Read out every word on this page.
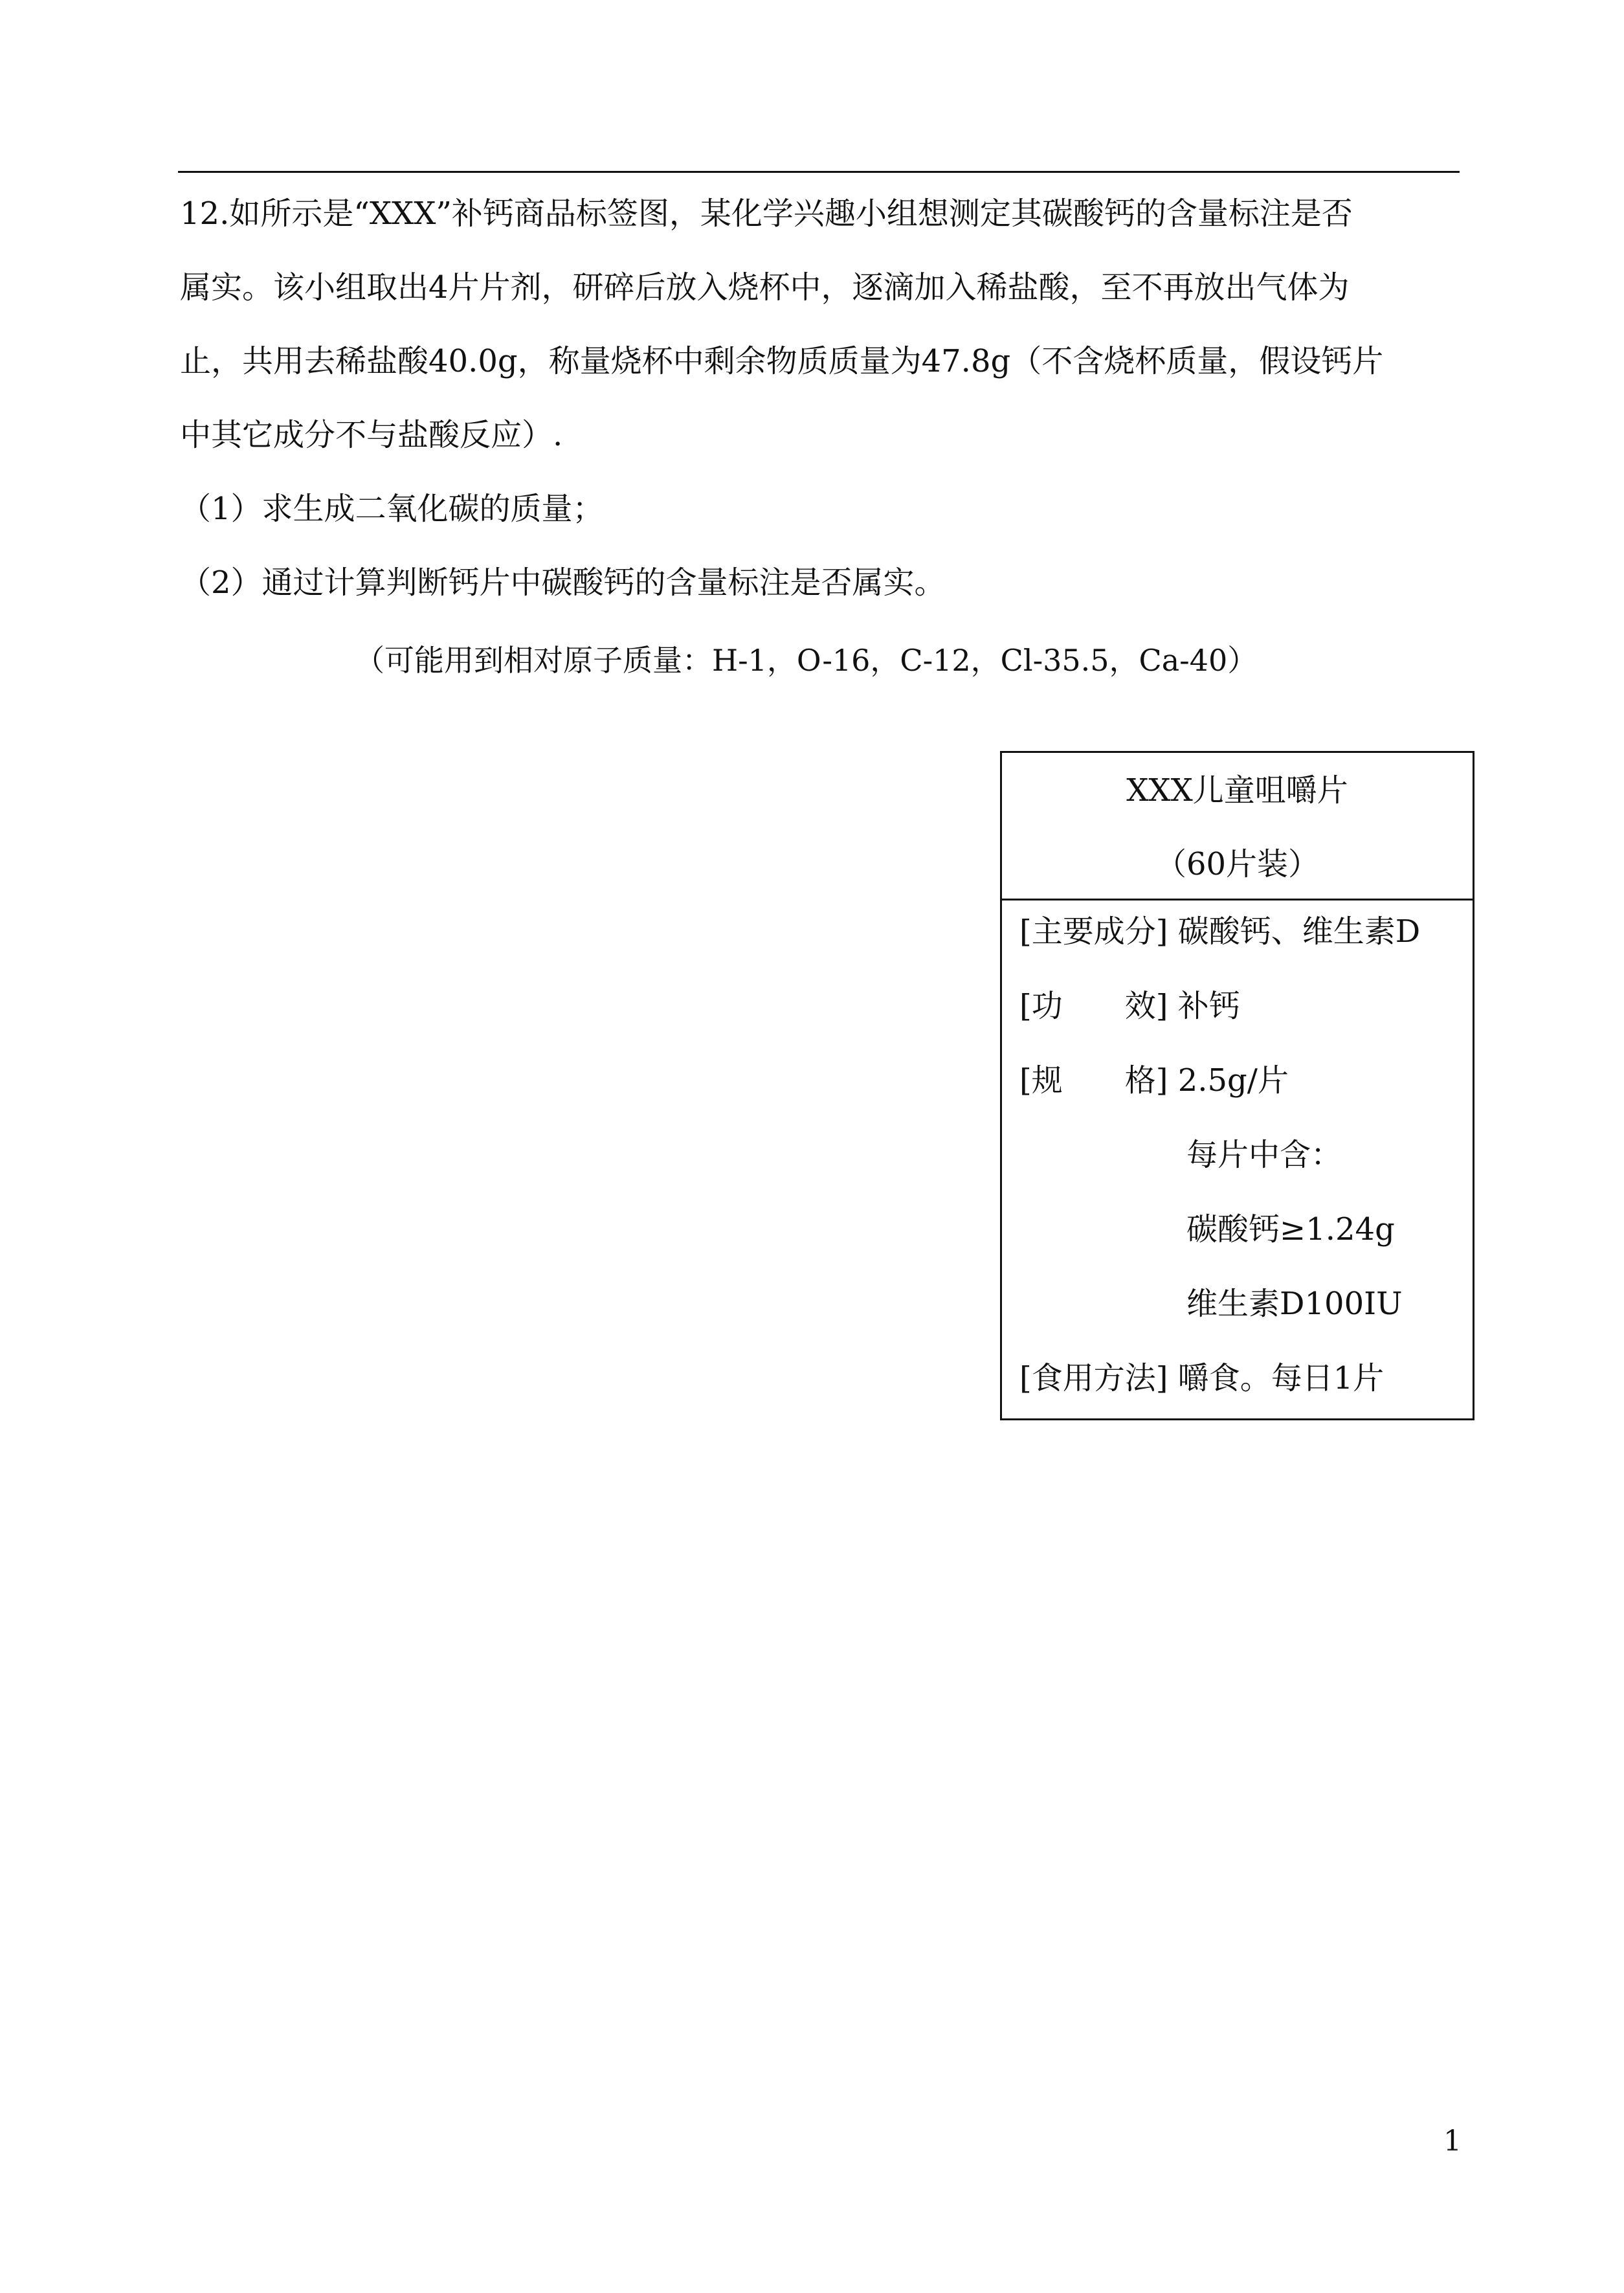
12.如所示是“XXX”补钙商品标签图，某化学兴趣小组想测定其碳酸钙的含量标注是否
属实。该小组取出4片片剂，研碎后放入烧杯中，逐滴加入稀盐酸，至不再放出气体为
止，共用去稀盐酸40.0g，称量烧杯中剩余物质质量为47.8g（不含烧杯质量，假设钙片
中其它成分不与盐酸反应）.
（1）求生成二氧化碳的质量；
（2）通过计算判断钙片中碳酸钙的含量标注是否属实。
（可能用到相对原子质量：H-1，O-16，C-12，Cl-35.5，Ca-40）
XXX儿童咀嚼片
（60片装）
[主要成分] 碳酸钙、维生素D
[功　　效] 补钙
[规　　格] 2.5g/片
每片中含：
碳酸钙≥1.24g
维生素D100IU
[食用方法] 嚼食。每日1片
1
